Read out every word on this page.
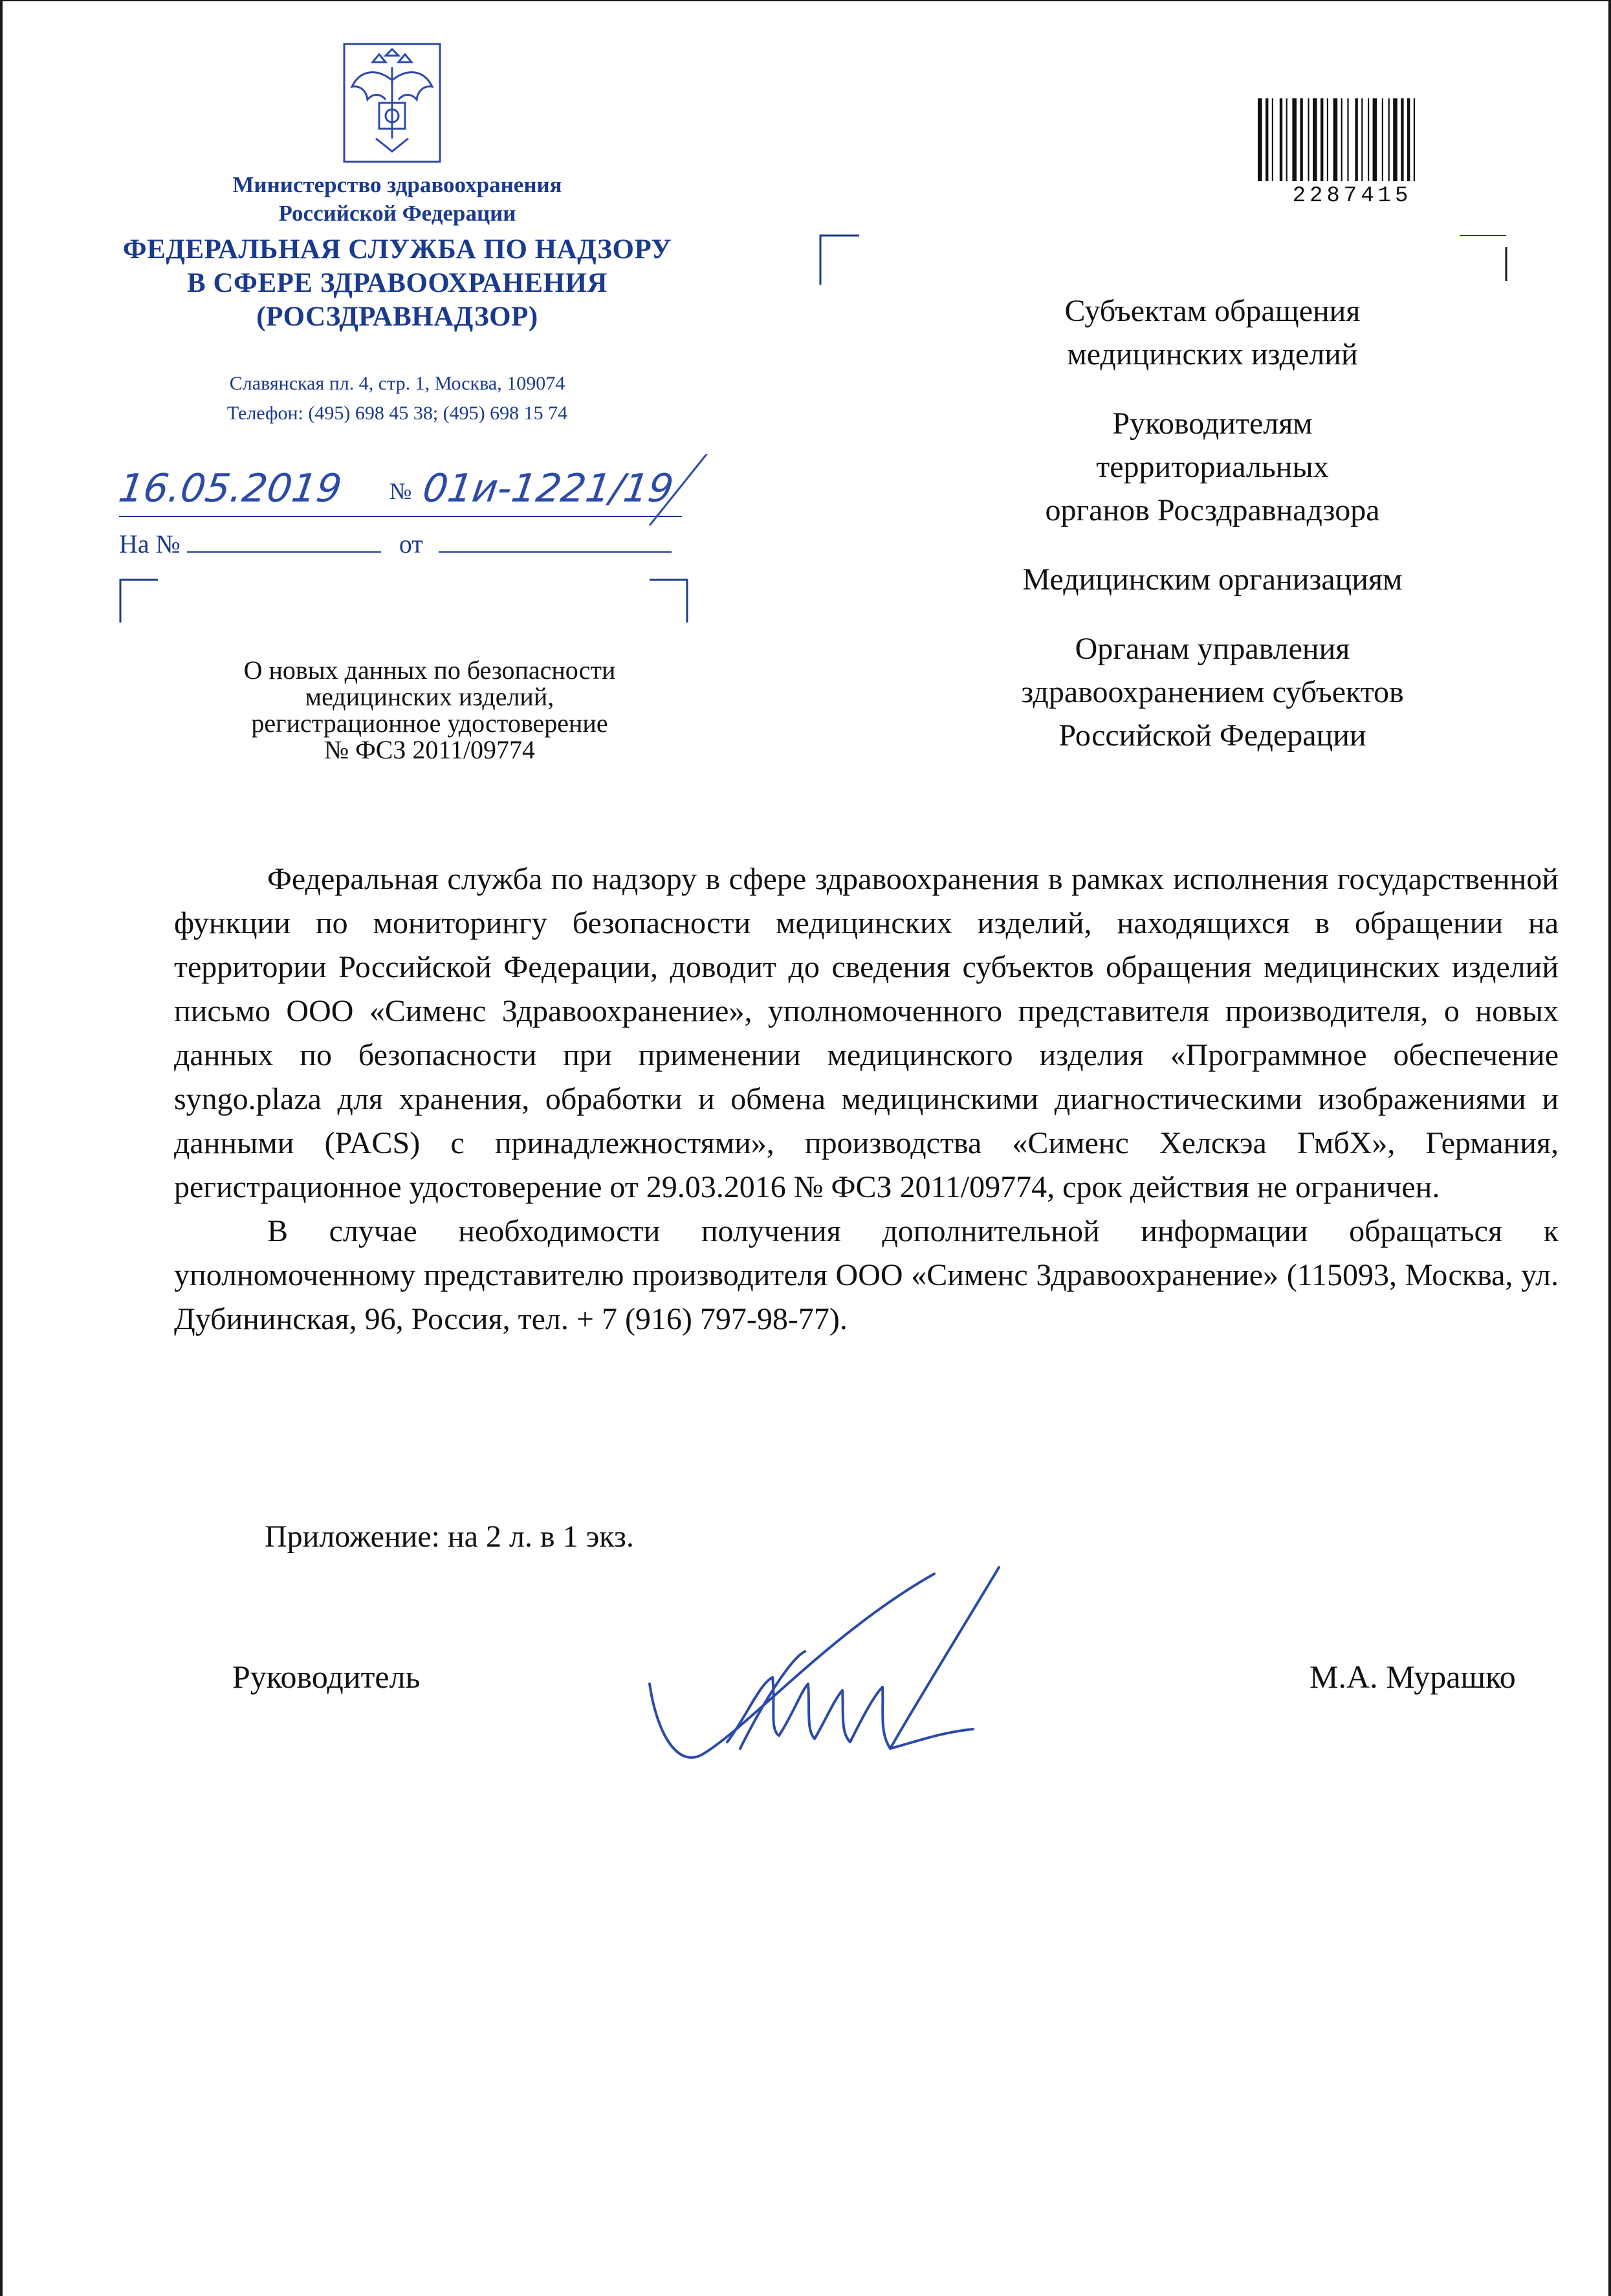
Министерство здравоохранения
Российской Федерации
ФЕДЕРАЛЬНАЯ СЛУЖБА ПО НАДЗОРУ
В СФЕРЕ ЗДРАВООХРАНЕНИЯ
(РОСЗДРАВНАДЗОР)
Славянская пл. 4, стр. 1, Москва, 109074
Телефон: (495) 698 45 38; (495) 698 15 74
16.05.2019 № 01и-1221/19
На №	от
О новых данных по безопасности
медицинских изделий,
регистрационное удостоверение
№ ФСЗ 2011/09774
2287415
Субъектам обращения
медицинских изделий
Руководителям
территориальных
органов Росздравнадзора
Медицинским организациям
Органам управления
здравоохранением субъектов
Российской Федерации

Федеральная служба по надзору в сфере здравоохранения в рамках исполнения государственной функции по мониторингу безопасности медицинских изделий, находящихся в обращении на территории Российской Федерации, доводит до сведения субъектов обращения медицинских изделий письмо ООО «Сименс Здравоохранение», уполномоченного представителя производителя, о новых данных по безопасности при применении медицинского изделия «Программное обеспечение syngo.plaza для хранения, обработки и обмена медицинскими диагностическими изображениями и данными (PACS) с принадлежностями», производства «Сименс Хелскэа ГмбХ», Германия, регистрационное удостоверение от 29.03.2016 № ФСЗ 2011/09774, срок действия не ограничен.

В случае необходимости получения дополнительной информации обращаться к уполномоченному представителю производителя ООО «Сименс Здравоохранение» (115093, Москва, ул. Дубининская, 96, Россия, тел. + 7 (916) 797-98-77).

Приложение: на 2 л. в 1 экз.
Руководитель	М.А. Мурашко
